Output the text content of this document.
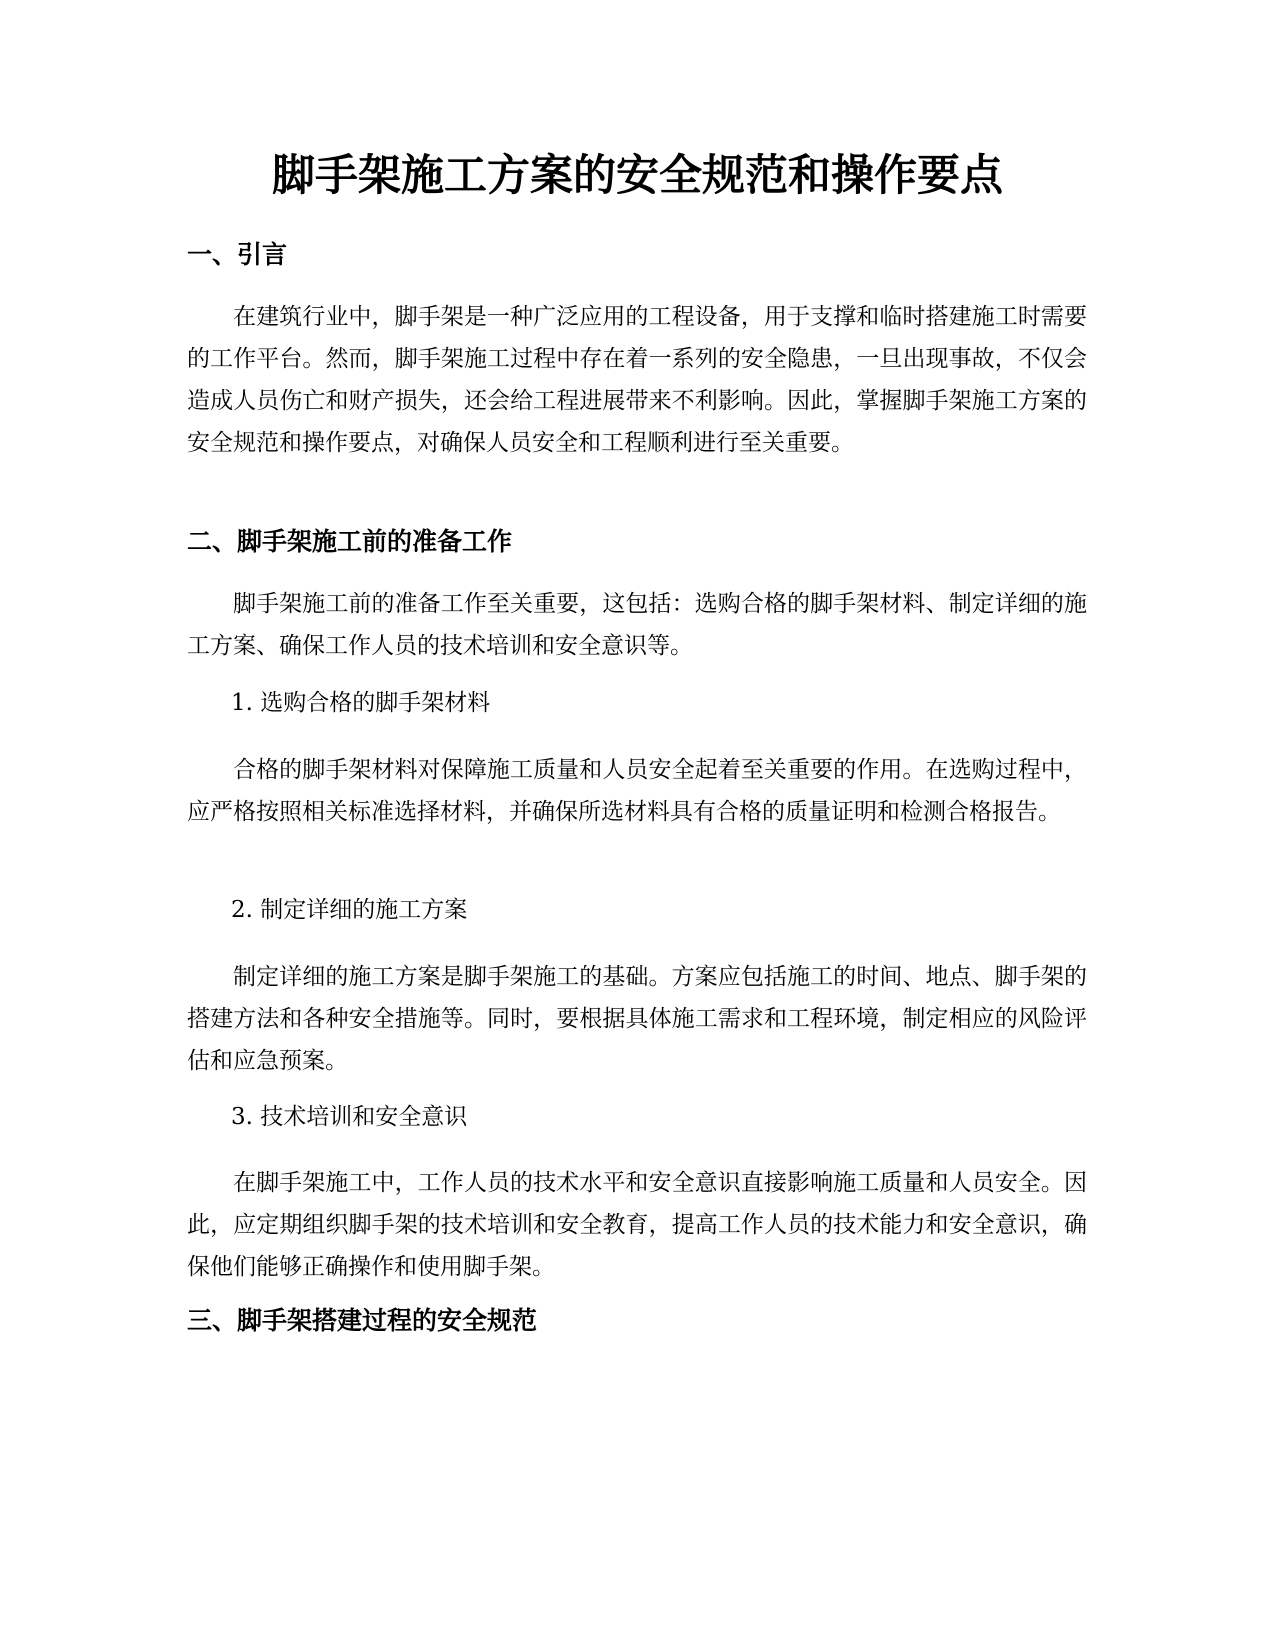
脚手架施工方案的安全规范和操作要点
一、引言

在建筑行业中，脚手架是一种广泛应用的工程设备，用于支撑和临时搭建施工时需要的工作平台。然而，脚手架施工过程中存在着一系列的安全隐患，一旦出现事故，不仅会造成人员伤亡和财产损失，还会给工程进展带来不利影响。因此，掌握脚手架施工方案的安全规范和操作要点，对确保人员安全和工程顺利进行至关重要。

二、脚手架施工前的准备工作

脚手架施工前的准备工作至关重要，这包括：选购合格的脚手架材料、制定详细的施工方案、确保工作人员的技术培训和安全意识等。

1. 选购合格的脚手架材料

合格的脚手架材料对保障施工质量和人员安全起着至关重要的作用。在选购过程中，应严格按照相关标准选择材料，并确保所选材料具有合格的质量证明和检测合格报告。

2. 制定详细的施工方案

制定详细的施工方案是脚手架施工的基础。方案应包括施工的时间、地点、脚手架的搭建方法和各种安全措施等。同时，要根据具体施工需求和工程环境，制定相应的风险评估和应急预案。

3. 技术培训和安全意识

在脚手架施工中，工作人员的技术水平和安全意识直接影响施工质量和人员安全。因此，应定期组织脚手架的技术培训和安全教育，提高工作人员的技术能力和安全意识，确保他们能够正确操作和使用脚手架。

三、脚手架搭建过程的安全规范
